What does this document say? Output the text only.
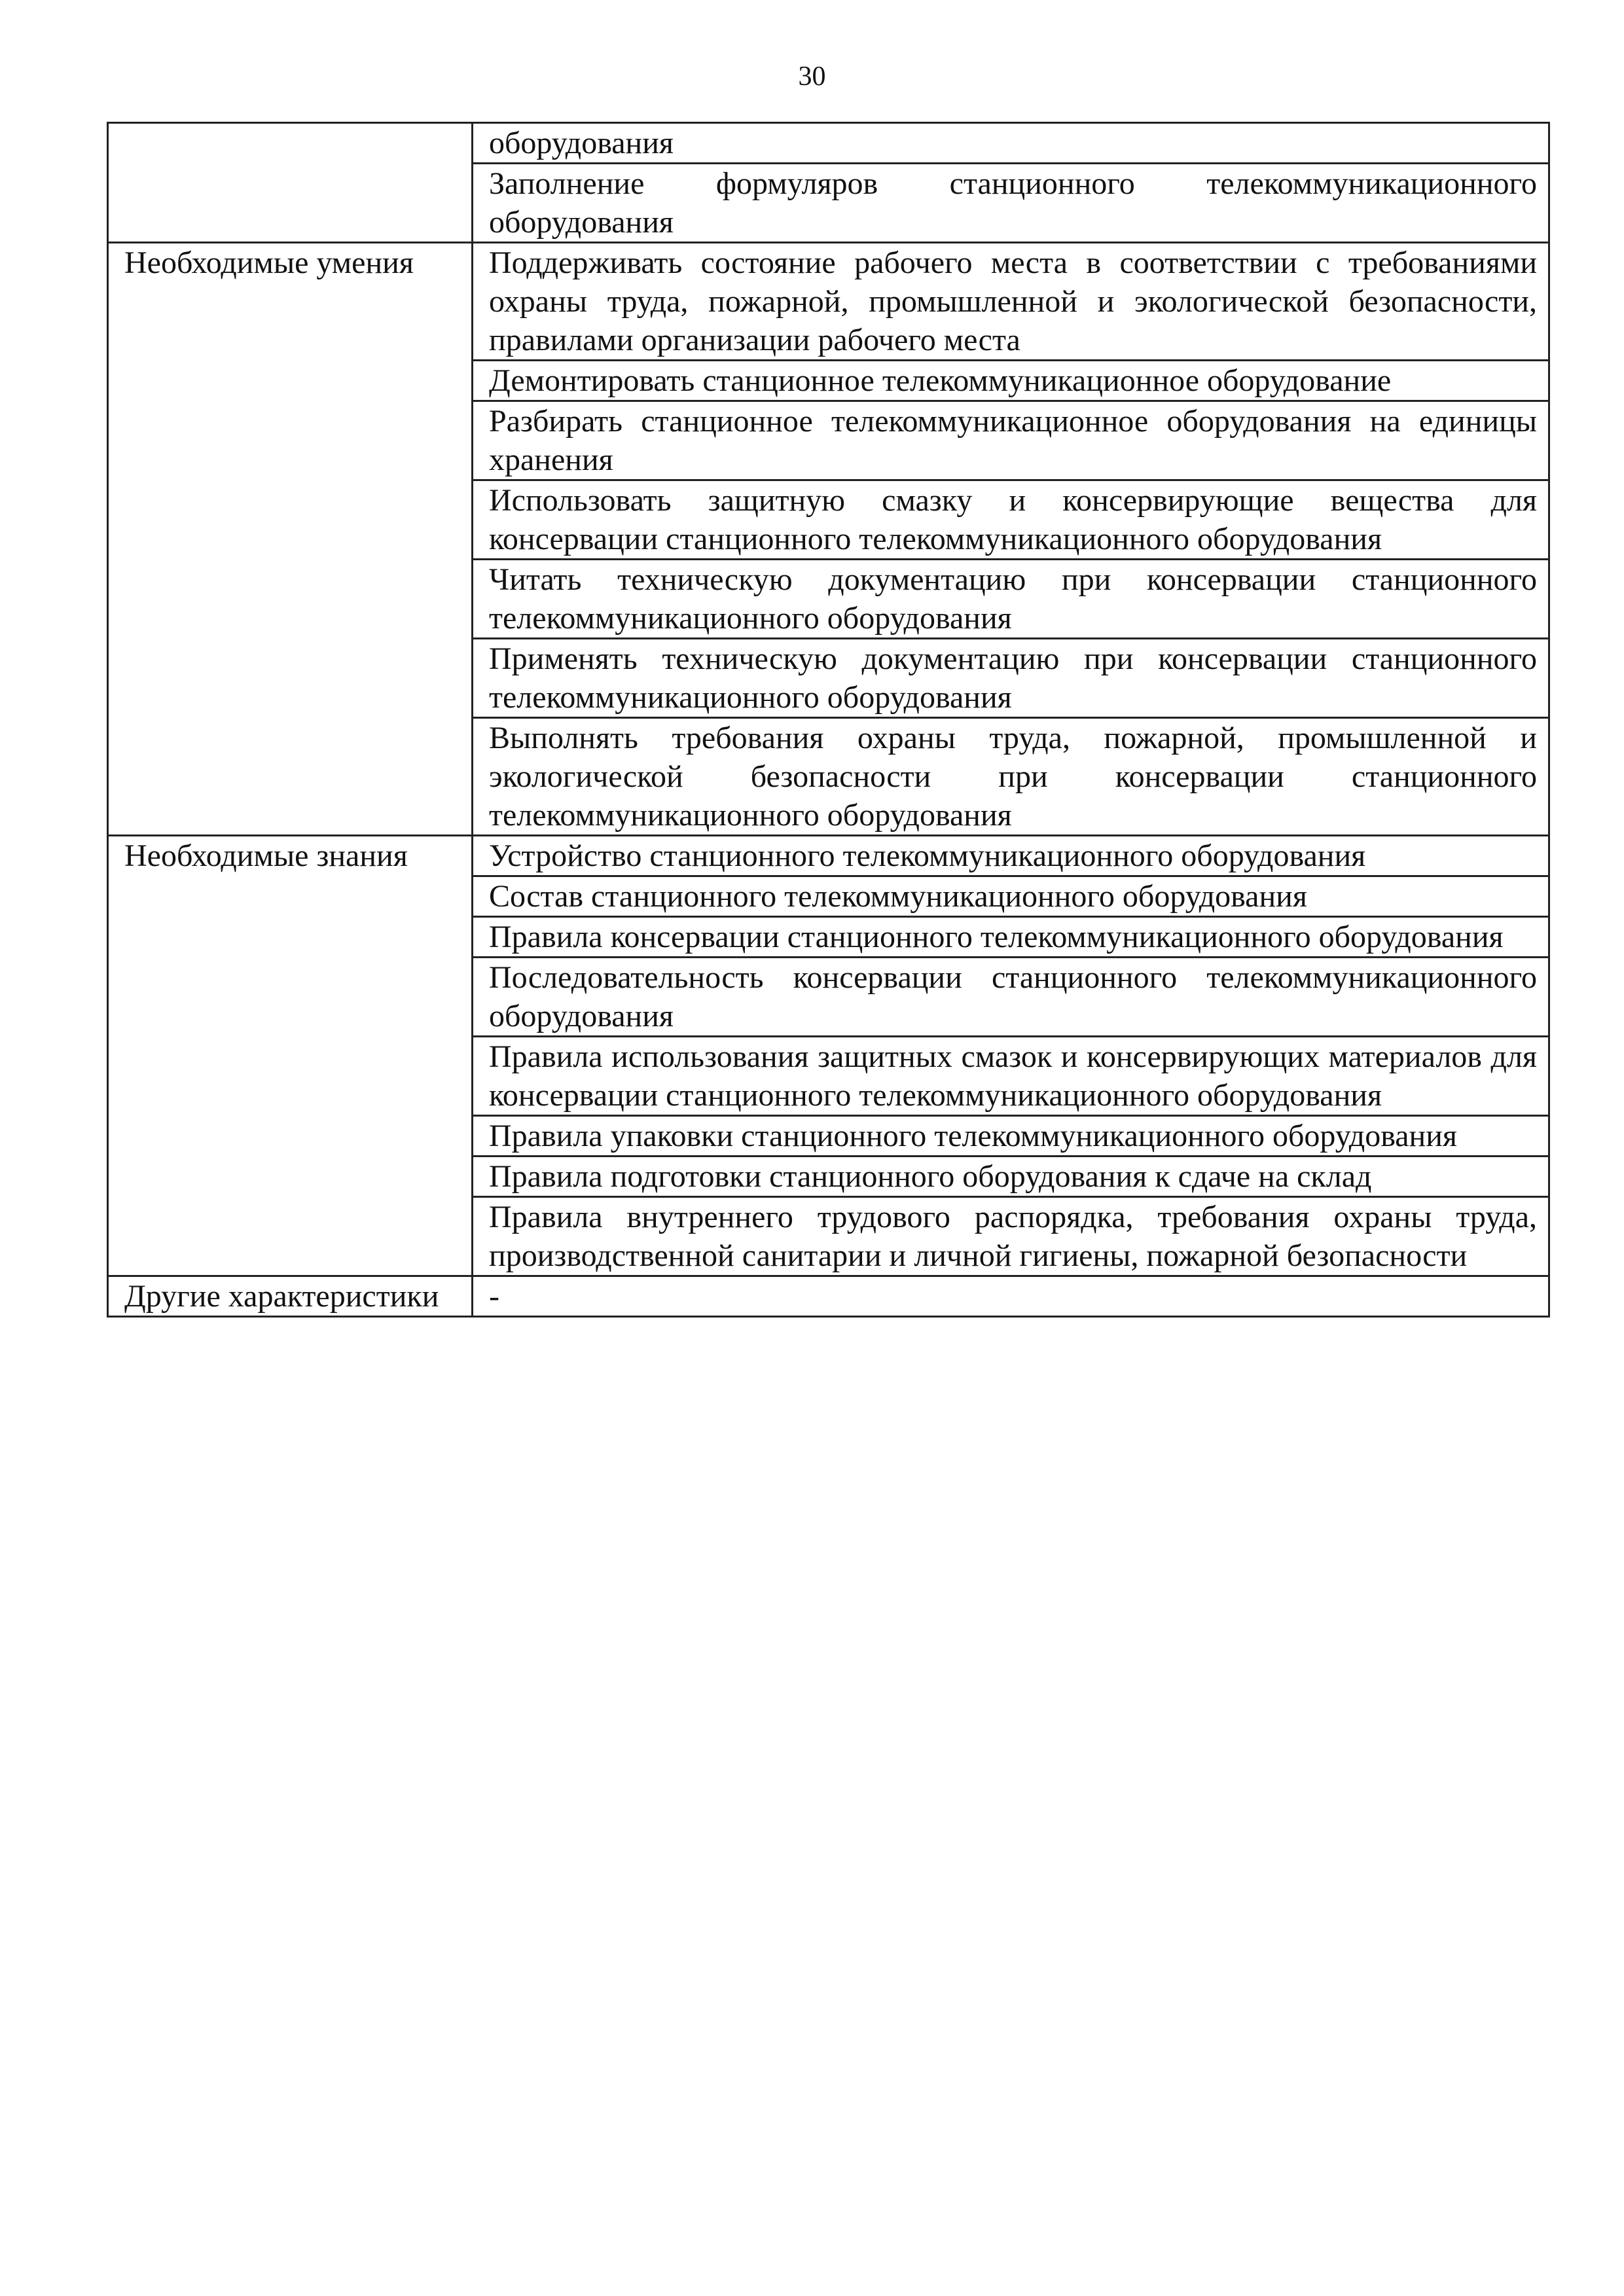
30
	оборудования
	Заполнение формуляров станционного телекоммуникационного оборудования
Необходимые умения	Поддерживать состояние рабочего места в соответствии с требованиями охраны труда, пожарной, промышленной и экологической безопасности, правилами организации рабочего места
	Демонтировать станционное телекоммуникационное оборудование
	Разбирать станционное телекоммуникационное оборудования на единицы хранения
	Использовать защитную смазку и консервирующие вещества для консервации станционного телекоммуникационного оборудования
	Читать техническую документацию при консервации станционного телекоммуникационного оборудования
	Применять техническую документацию при консервации станционного телекоммуникационного оборудования
	Выполнять требования охраны труда, пожарной, промышленной и экологической безопасности при консервации станционного телекоммуникационного оборудования
Необходимые знания	Устройство станционного телекоммуникационного оборудования
	Состав станционного телекоммуникационного оборудования
	Правила консервации станционного телекоммуникационного оборудования
	Последовательность консервации станционного телекоммуникационного оборудования
	Правила использования защитных смазок и консервирующих материалов для консервации станционного телекоммуникационного оборудования
	Правила упаковки станционного телекоммуникационного оборудования
	Правила подготовки станционного оборудования к сдаче на склад
	Правила внутреннего трудового распорядка, требования охраны труда, производственной санитарии и личной гигиены, пожарной безопасности
Другие характеристики	-
